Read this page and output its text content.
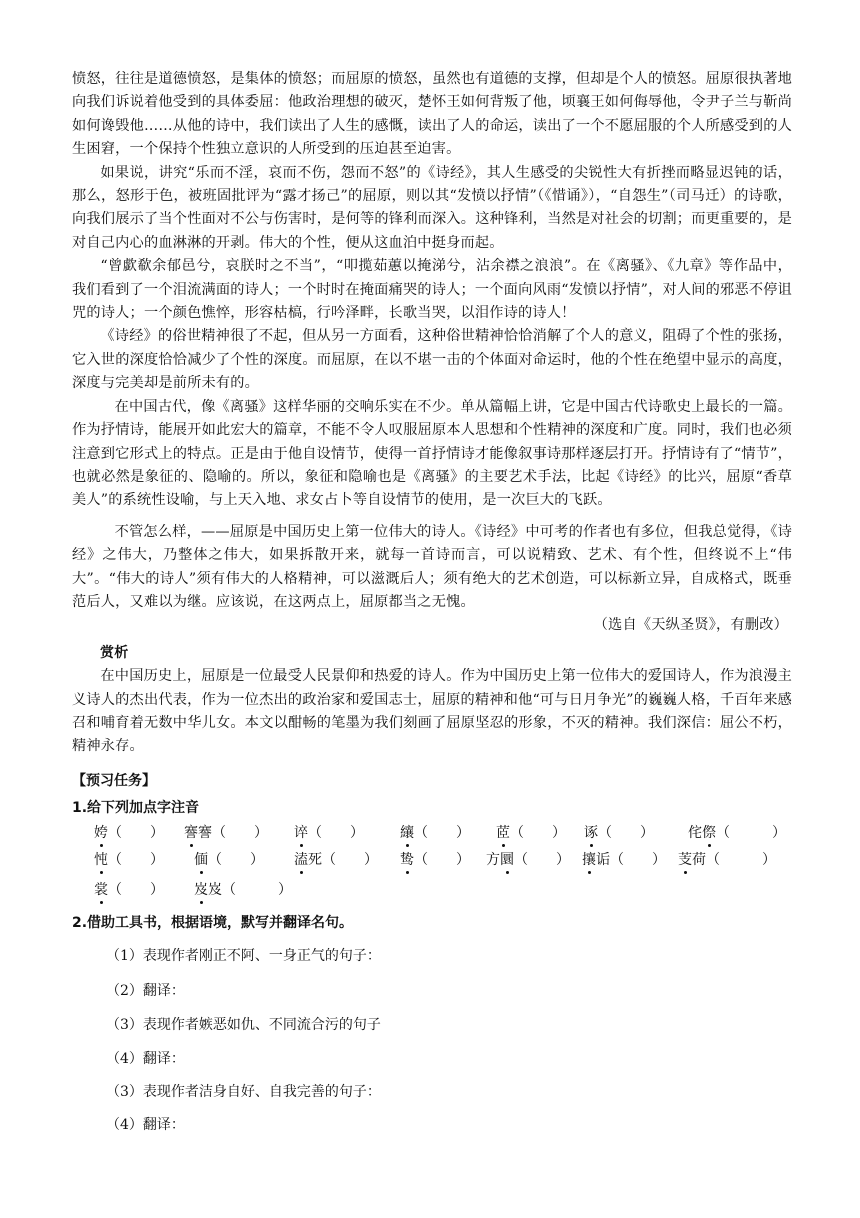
愤怒，往往是道德愤怒，是集体的愤怒；而屈原的愤怒，虽然也有道德的支撑，但却是个人的愤怒。屈原很执著地向我们诉说着他受到的具体委屈：他政治理想的破灭，楚怀王如何背叛了他，顷襄王如何侮辱他，令尹子兰与靳尚如何谗毁他……从他的诗中，我们读出了人生的感慨，读出了人的命运，读出了一个不愿屈服的个人所感受到的人生困窘，一个保持个性独立意识的人所受到的压迫甚至迫害。

如果说，讲究“乐而不淫，哀而不伤，怨而不怒”的《诗经》，其人生感受的尖锐性大有折挫而略显迟钝的话，那么，怒形于色，被班固批评为“露才扬己”的屈原，则以其“发愤以抒情”（《惜诵》），“自怨生”（司马迁）的诗歌，向我们展示了当个性面对不公与伤害时，是何等的锋利而深入。这种锋利，当然是对社会的切割；而更重要的，是对自己内心的血淋淋的开剥。伟大的个性，便从这血泊中挺身而起。

“曾歔欷余郁邑兮，哀朕时之不当”，“叩揽茹蕙以掩涕兮，沾余襟之浪浪”。在《离骚》、《九章》等作品中，我们看到了一个泪流满面的诗人；一个时时在掩面痛哭的诗人；一个面向风雨“发愤以抒情”，对人间的邪恶不停诅咒的诗人；一个颜色憔悴，形容枯槁，行吟泽畔，长歌当哭，以泪作诗的诗人！

《诗经》的俗世精神很了不起，但从另一方面看，这种俗世精神恰恰消解了个人的意义，阻碍了个性的张扬，它入世的深度恰恰减少了个性的深度。而屈原，在以不堪一击的个体面对命运时，他的个性在绝望中显示的高度，深度与完美却是前所未有的。

在中国古代，像《离骚》这样华丽的交响乐实在不少。单从篇幅上讲，它是中国古代诗歌史上最长的一篇。作为抒情诗，能展开如此宏大的篇章，不能不令人叹服屈原本人思想和个性精神的深度和广度。同时，我们也必须注意到它形式上的特点。正是由于他自设情节，使得一首抒情诗才能像叙事诗那样逐层打开。抒情诗有了“情节”，也就必然是象征的、隐喻的。所以，象征和隐喻也是《离骚》的主要艺术手法，比起《诗经》的比兴，屈原“香草美人”的系统性设喻，与上天入地、求女占卜等自设情节的使用，是一次巨大的飞跃。

不管怎么样，——屈原是中国历史上第一位伟大的诗人。《诗经》中可考的作者也有多位，但我总觉得，《诗经》之伟大，乃整体之伟大，如果拆散开来，就每一首诗而言，可以说精致、艺术、有个性，但终说不上“伟大”。“伟大的诗人”须有伟大的人格精神，可以滋溉后人；须有绝大的艺术创造，可以标新立异，自成格式，既垂范后人，又难以为继。应该说，在这两点上，屈原都当之无愧。

（选自《天纵圣贤》，有删改）

赏析

在中国历史上，屈原是一位最受人民景仰和热爱的诗人。作为中国历史上第一位伟大的爱国诗人，作为浪漫主义诗人的杰出代表，作为一位杰出的政治家和爱国志士，屈原的精神和他“可与日月争光”的巍巍人格，千百年来感召和哺育着无数中华儿女。本文以酣畅的笔墨为我们刻画了屈原坚忍的形象，不灭的精神。我们深信：屈公不朽，精神永存。

【预习任务】
1.给下列加点字注音
姱（　　） 謇謇（　　） 谇（　　）	纕（　　） 茝（　　） 诼（　　） 侘傺（　　　）
忳（　　） 偭（　　） 溘死（　　） 鸷（　　） 方圜（　　） 攘诟（　　） 芰荷（　　　）
裳（　　） 岌岌（　　　）
2.借助工具书，根据语境，默写并翻译名句。
（1）表现作者刚正不阿、一身正气的句子：
（2）翻译：
（3）表现作者嫉恶如仇、不同流合污的句子
（4）翻译：
（3）表现作者洁身自好、自我完善的句子：
（4）翻译：
